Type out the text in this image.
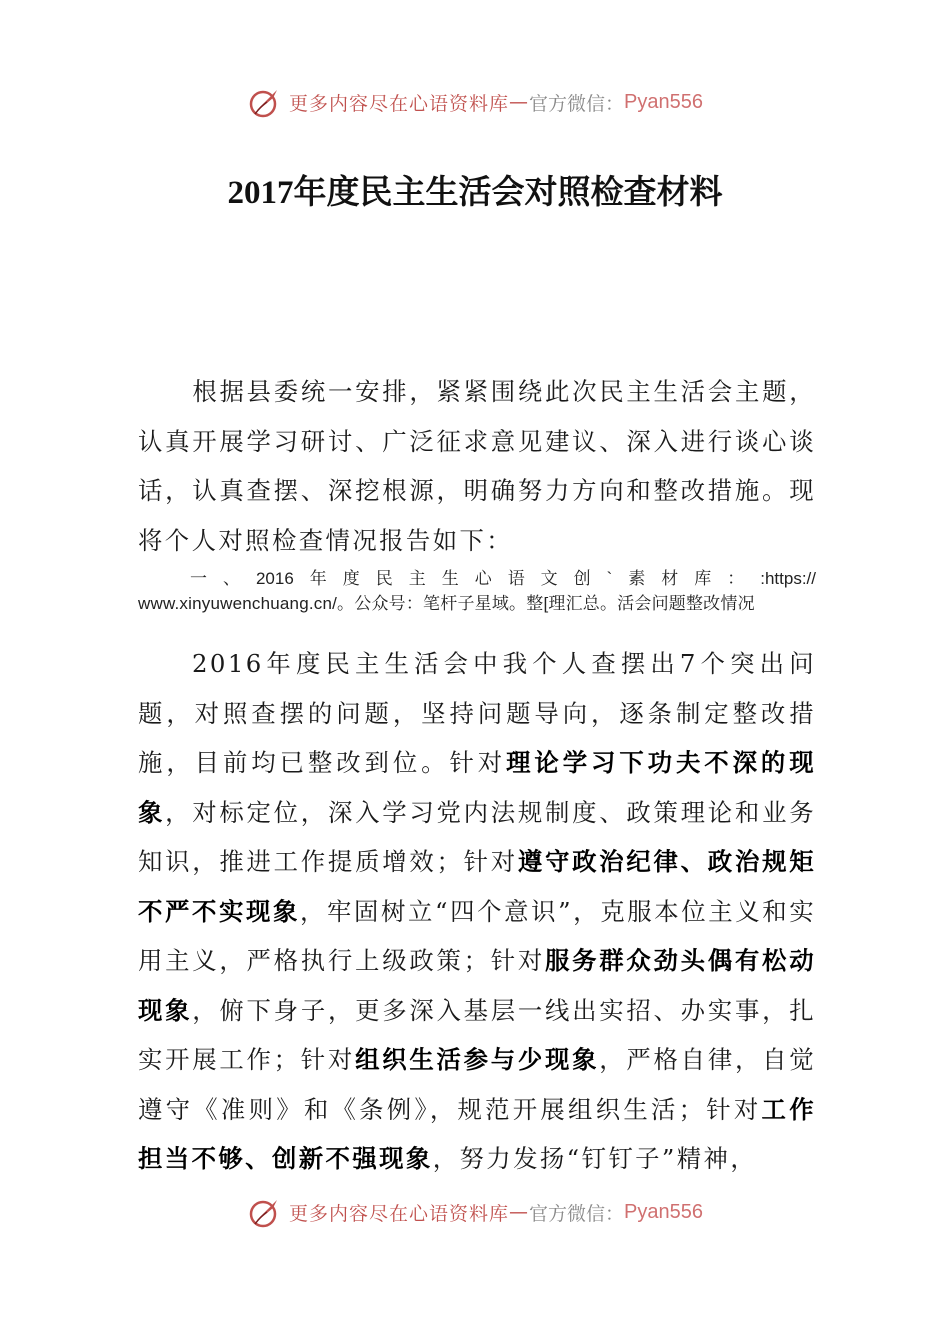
更多内容尽在心语资料库 — 官方微信： Pyan556
2017年度民主生活会对照检查材料
根据县委统一安排，紧紧围绕此次民主生活会主题，认真开展学习研讨、广泛征求意见建议、深入进行谈心谈话，认真查摆、深挖根源，明确努力方向和整改措施。现将个人对照检查情况报告如下：
一 、 2016 年 度 民 主 生 心 语 文 创 ` 素 材 库 ： :https://
www.xinyuwenchuang.cn/。公众号：笔杆子星域。整[理汇总。活会问题整改情况
2016年度民主生活会中我个人查摆出7个突出问题，对照查摆的问题，坚持问题导向，逐条制定整改措施，目前均已整改到位。针对理论学习下功夫不深的现象，对标定位，深入学习党内法规制度、政策理论和业务知识，推进工作提质增效；针对遵守政治纪律、政治规矩不严不实现象，牢固树立“四个意识”，克服本位主义和实用主义，严格执行上级政策；针对服务群众劲头偶有松动现象，俯下身子，更多深入基层一线出实招、办实事，扎实开展工作；针对组织生活参与少现象，严格自律，自觉遵守《准则》和《条例》，规范开展组织生活；针对工作担当不够、创新不强现象，努力发扬“钉钉子”精神，
更多内容尽在心语资料库 — 官方微信： Pyan556
